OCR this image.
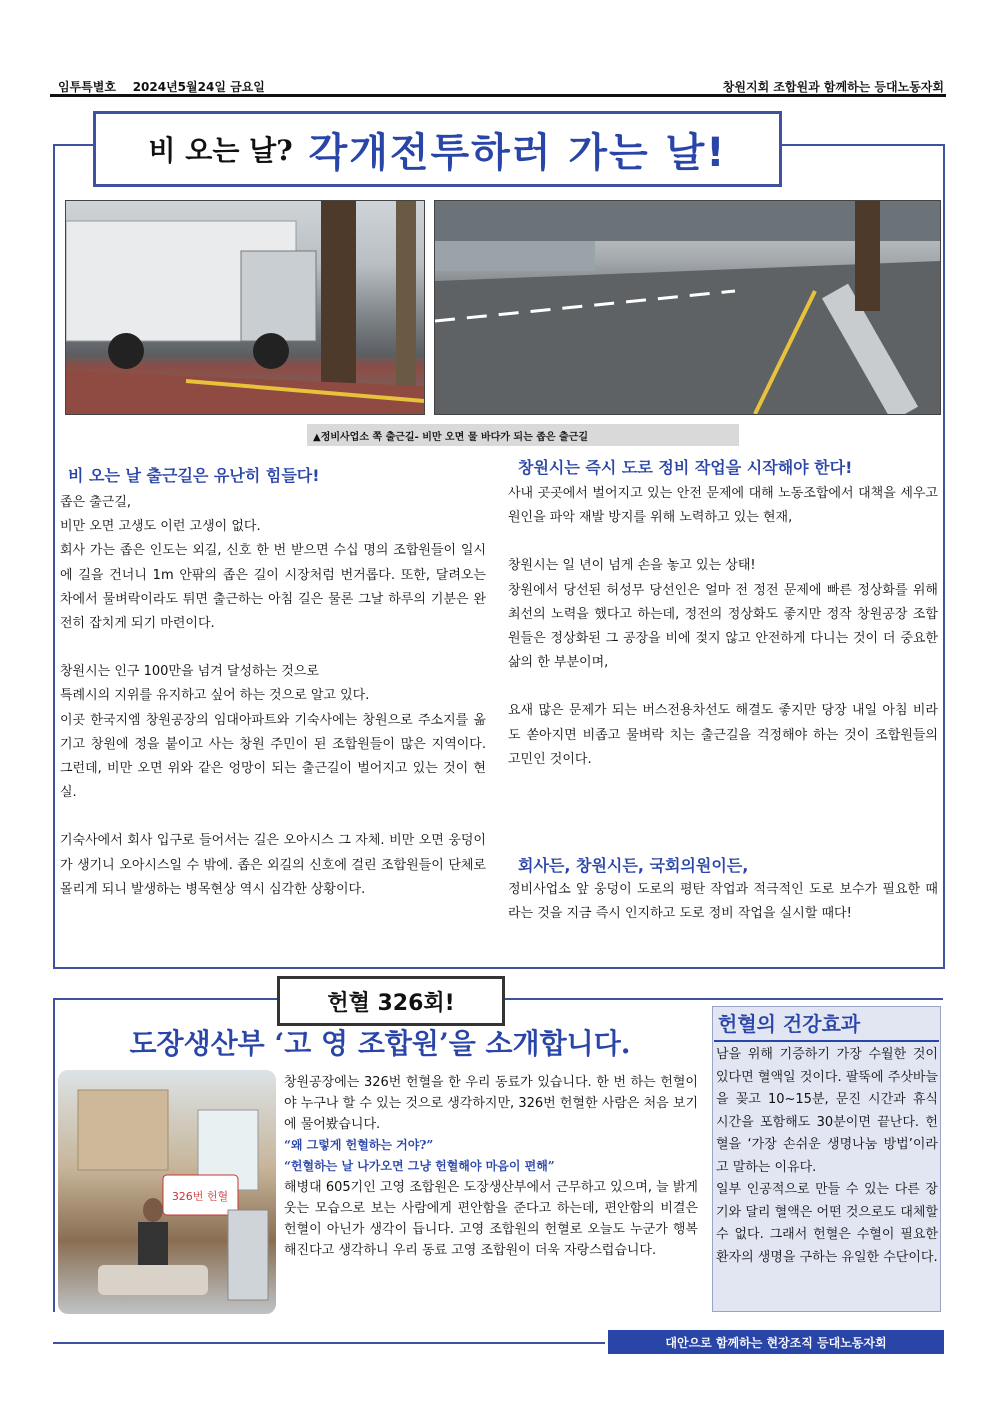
임투특별호 2024년5월24일 금요일	창원지회 조합원과 함께하는 등대노동자회
비 오는 날? 각개전투하러 가는 날!
▲정비사업소 쪽 출근길- 비만 오면 물 바다가 되는 좁은 출근길
비 오는 날 출근길은 유난히 힘들다!

좁은 출근길,

비만 오면 고생도 이런 고생이 없다.

회사 가는 좁은 인도는 외길, 신호 한 번 받으면 수십 명의 조합원들이 일시에 길을 건너니 1m 안팎의 좁은 길이 시장처럼 번거롭다. 또한, 달려오는 차에서 물벼락이라도 튀면 출근하는 아침 길은 물론 그날 하루의 기분은 완전히 잡치게 되기 마련이다.

창원시는 인구 100만을 넘겨 달성하는 것으로

특례시의 지위를 유지하고 싶어 하는 것으로 알고 있다.

이곳 한국지엠 창원공장의 임대아파트와 기숙사에는 창원으로 주소지를 옮기고 창원에 정을 붙이고 사는 창원 주민이 된 조합원들이 많은 지역이다. 그런데, 비만 오면 위와 같은 엉망이 되는 출근길이 벌어지고 있는 것이 현실.

기숙사에서 회사 입구로 들어서는 길은 오아시스 그 자체. 비만 오면 웅덩이가 생기니 오아시스일 수 밖에. 좁은 외길의 신호에 걸린 조합원들이 단체로 몰리게 되니 발생하는 병목현상 역시 심각한 상황이다.

창원시는 즉시 도로 정비 작업을 시작해야 한다!

사내 곳곳에서 벌어지고 있는 안전 문제에 대해 노동조합에서 대책을 세우고 원인을 파악 재발 방지를 위해 노력하고 있는 현재,

창원시는 일 년이 넘게 손을 놓고 있는 상태!

창원에서 당선된 허성무 당선인은 얼마 전 정전 문제에 빠른 정상화를 위해 최선의 노력을 했다고 하는데, 정전의 정상화도 좋지만 정작 창원공장 조합원들은 정상화된 그 공장을 비에 젖지 않고 안전하게 다니는 것이 더 중요한 삶의 한 부분이며,

요새 많은 문제가 되는 버스전용차선도 해결도 좋지만 당장 내일 아침 비라도 쏟아지면 비좁고 물벼락 치는 출근길을 걱정해야 하는 것이 조합원들의 고민인 것이다.

회사든, 창원시든, 국회의원이든,
정비사업소 앞 웅덩이 도로의 평탄 작업과 적극적인 도로 보수가 필요한 때라는 것을 지금 즉시 인지하고 도로 정비 작업을 실시할 때다!
헌혈 326회!
도장생산부 ‘고 영 조합원’을 소개합니다.
326번 헌혈
창원공장에는 326번 헌혈을 한 우리 동료가 있습니다. 한 번 하는 헌혈이야 누구나 할 수 있는 것으로 생각하지만, 326번 헌혈한 사람은 처음 보기에 물어봤습니다.
“왜 그렇게 헌혈하는 거야?”
“헌혈하는 날 나가오면 그냥 헌혈해야 마음이 편해”
해병대 605기인 고영 조합원은 도장생산부에서 근무하고 있으며, 늘 밝게 웃는 모습으로 보는 사람에게 편안함을 준다고 하는데, 편안함의 비결은 헌혈이 아닌가 생각이 듭니다. 고영 조합원의 헌혈로 오늘도 누군가 행복해진다고 생각하니 우리 동료 고영 조합원이 더욱 자랑스럽습니다.
헌혈의 건강효과
남을 위해 기증하기 가장 수월한 것이 있다면 혈액일 것이다. 팔뚝에 주삿바늘을 꽂고 10~15분, 문진 시간과 휴식 시간을 포함해도 30분이면 끝난다. 헌혈을 ‘가장 손쉬운 생명나눔 방법’이라고 말하는 이유다.
일부 인공적으로 만들 수 있는 다른 장기와 달리 혈액은 어떤 것으로도 대체할 수 없다. 그래서 헌혈은 수혈이 필요한 환자의 생명을 구하는 유일한 수단이다.
대안으로 함께하는 현장조직 등대노동자회
